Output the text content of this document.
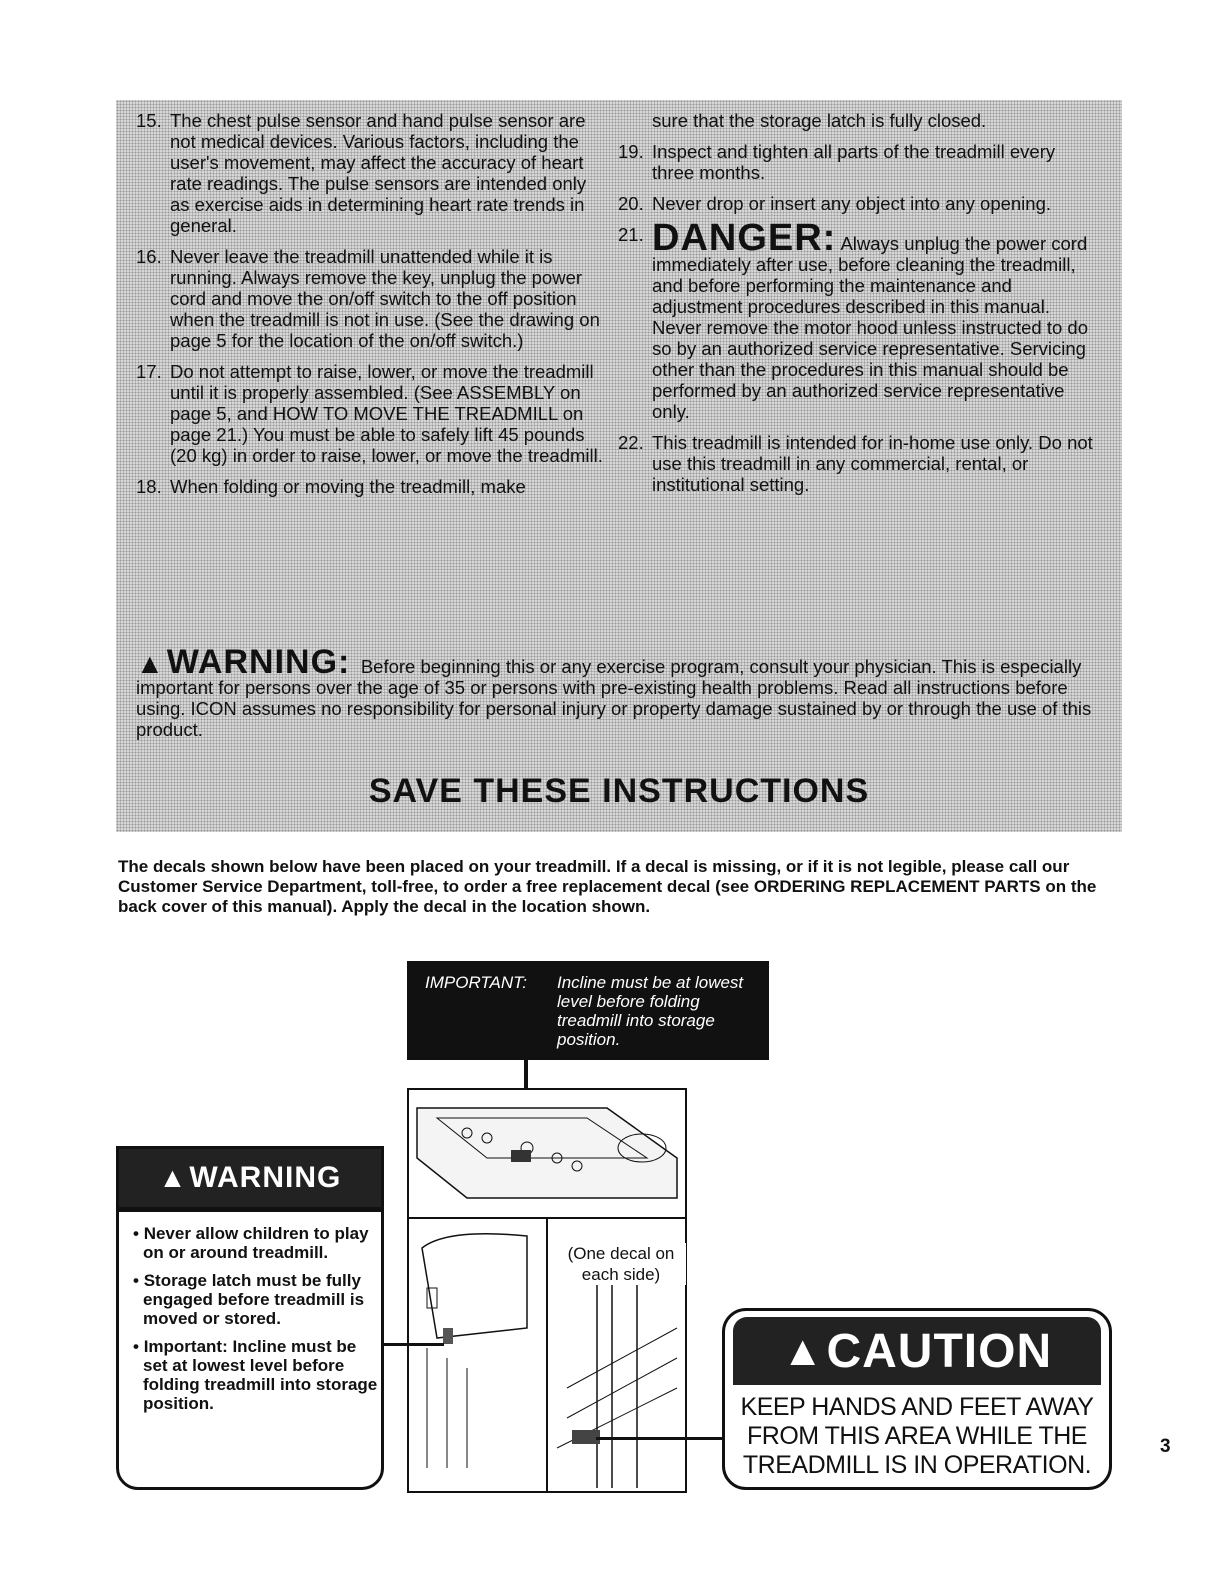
15. The chest pulse sensor and hand pulse sensor are not medical devices. Various factors, including the user's movement, may affect the accuracy of heart rate readings. The pulse sensors are intended only as exercise aids in determining heart rate trends in general.
16. Never leave the treadmill unattended while it is running. Always remove the key, unplug the power cord and move the on/off switch to the off position when the treadmill is not in use. (See the drawing on page 5 for the location of the on/off switch.)
17. Do not attempt to raise, lower, or move the treadmill until it is properly assembled. (See ASSEMBLY on page 5, and HOW TO MOVE THE TREADMILL on page 21.) You must be able to safely lift 45 pounds (20 kg) in order to raise, lower, or move the treadmill.
18. When folding or moving the treadmill, make
sure that the storage latch is fully closed.
19. Inspect and tighten all parts of the treadmill every three months.
20. Never drop or insert any object into any opening.
21. DANGER: Always unplug the power cord immediately after use, before cleaning the treadmill, and before performing the maintenance and adjustment procedures described in this manual. Never remove the motor hood unless instructed to do so by an authorized service representative. Servicing other than the procedures in this manual should be performed by an authorized service representative only.
22. This treadmill is intended for in-home use only. Do not use this treadmill in any commercial, rental, or institutional setting.
▲WARNING: Before beginning this or any exercise program, consult your physician. This is especially important for persons over the age of 35 or persons with pre-existing health problems. Read all instructions before using. ICON assumes no responsibility for personal injury or property damage sustained by or through the use of this product.
SAVE THESE INSTRUCTIONS
The decals shown below have been placed on your treadmill. If a decal is missing, or if it is not legible, please call our Customer Service Department, toll-free, to order a free replacement decal (see ORDERING REPLACEMENT PARTS on the back cover of this manual). Apply the decal in the location shown.
IMPORTANT: Incline must be at lowest level before folding treadmill into storage position.
(One decal on each side)
▲ WARNING
• Never allow children to play on or around treadmill.
• Storage latch must be fully engaged before treadmill is moved or stored.
• Important: Incline must be set at lowest level before folding treadmill into storage position.
▲ CAUTION
KEEP HANDS AND FEET AWAY FROM THIS AREA WHILE THE TREADMILL IS IN OPERATION.
3
